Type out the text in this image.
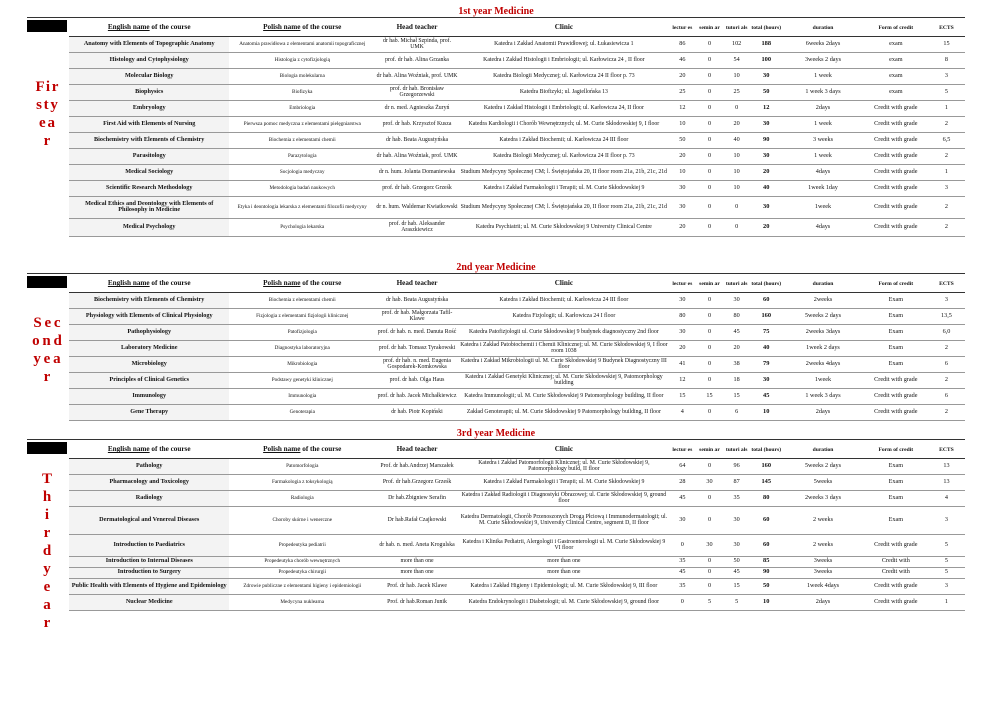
1st year Medicine
F i r s t y e a r
English name of the course	Polish name of the course	Head teacher	Clinic	lectur es	semin ar	tutori als	total (hours)	duration	Form of credit	ECTS
Anatomy with Elements of Topographic Anatomy	Anatomia prawidłowa z elementami anatomii topograficznej	dr hab. Michał Szpinda, prof. UMK	Katedra i Zakład Anatomii Prawidłowej; ul. Łukasiewicza 1	86	0	102	188	6weeks 2days	exam	15
Histology and Cytophysiology	Histologia z cytofizjologią	prof. dr hab. Alina Grzanka	Katedra i Zakład Histologii i Embriologii; ul. Karłowicza 24 , II floor	46	0	54	100	3weeks 2 days	exam	8
Molecular Biology	Biologia molekularna	dr hab. Alina Woźniak, prof. UMK	Katedra Biologii Medycznej; ul. Karłowicza 24 II floor p. 73	20	0	10	30	1 week	exam	3
Biophysics	Biofizyka	prof. dr hab. Bronisław Grzegorzewski	Katedra Biofizyki; ul. Jagiellońska 13	25	0	25	50	1 week 3 days	exam	5
Embryology	Embriologia	dr n. med. Agnieszka Żuryń	Katedra i Zakład Histologii i Embriologii; ul. Karłowicza 24, II floor	12	0	0	12	2days	Credit with grade	1
First Aid with Elements of Nursing	Pierwsza pomoc medyczna z elementami pielęgniarstwa	prof. dr hab. Krzysztof Kusza	Katedra Kardiologii i Chorób Wewnętrznych; ul. M. Curie Skłodowskiej 9, I floor	10	0	20	30	1 week	Credit with grade	2
Biochemistry with Elements of Chemistry	Biochemia z elementami chemii	dr hab. Beata Augustyńska	Katedra i Zakład Biochemii; ul. Karłowicza 24 III floor	50	0	40	90	3 weeks	Credit with grade	6,5
Parasitology	Parazytologia	dr hab. Alina Woźniak, prof. UMK	Katedra Biologii Medycznej; ul. Karłowicza 24 II floor p. 73	20	0	10	30	1 week	Credit with grade	2
Medical Sociology	Socjologia medyczny	dr n. hum. Jolanta Domaniewska	Studium Medycyny Społecznej CM; l. Świętojańska 20, II floor room 21a, 21b, 21c, 21d	10	0	10	20	4days	Credit with grade	1
Scientific Research Methodology	Metodologia badań naukowych	prof. dr hab. Grzegorz Grześk	Katedra i Zakład Farmakologii i Terapii; ul. M. Curie Skłodowskiej 9	30	0	10	40	1week 1day	Credit with grade	3
Medical Ethics and Deontology with Elements of Philosophy in Medicine	Etyka i deontologia lekarska z elementami filozofii medycyny	dr n. hum. Waldemar Kwiatkowski	Studium Medycyny Społecznej CM; l. Świętojańska 20, II floor room 21a, 21b, 21c, 21d	30	0	0	30	1week	Credit with grade	2
Medical Psychology	Psychologia lekarska	prof. dr hab. Aleksander Araszkiewicz	Katedra Psychiatrii; ul. M. Curie Skłodowskiej 9 University Clinical Centre	20	0	0	20	4days	Credit with grade	2
2nd year Medicine
S e c o n d y e a r
English name of the course	Polish name of the course	Head teacher	Clinic	lectur es	semin ar	tutori als	total (hours)	duration	Form of credit	ECTS
Biochemistry with Elements of Chemistry	Biochemia z elementami chemii	dr hab. Beata Augustyńska	Katedra i Zakład Biochemii; ul. Karłowicza 24 III floor	30	0	30	60	2weeks	Exam	3
Physiology with Elements of Clinical Physiology	Fizjologia z elementami fizjologii klinicznej	prof. dr hab. Małgorzata Tafil-Klawe	Katedra Fizjologii; ul. Karłowicza 24 I floor	80	0	80	160	5weeks 2 days	Exam	13,5
Pathophysiology	Patofizjologia	prof. dr hab. n. med. Danuta Rość	Katedra Patofizjologii ul. Curie Skłodowskiej 9 budynek diagnostyczny 2nd floor	30	0	45	75	2weeks 3days	Exam	6,0
Laboratory Medicine	Diagnostyka laboratoryjna	prof. dr hab. Tomasz Tyrakowski	Katedra i Zakład Patobiochemii i Chemii Klinicznej; ul. M. Curie Skłodowskiej 9, I floor room 1038	20	0	20	40	1week 2 days	Exam	2
Microbiology	Mikrobiologia	prof. dr hab. n. med. Eugenia Gospodarek-Komkowska	Katedra i Zakład Mikrobiologii ul. M. Curie Skłodowskiej 9 Budynek Diagnostyczny III floor	41	0	38	79	2weeks 4days	Exam	6
Principles of Clinical Genetics	Podstawy genetyki klinicznej	prof. dr hab. Olga Haus	Katedra i Zakład Genetyki Klinicznej; ul. M. Curie Skłodowskiej 9, Patomorphology building	12	0	18	30	1week	Credit with grade	2
Immunology	Immunologia	prof. dr hab. Jacek Michałkiewicz	Katedra Immunologii; ul. M. Curie Skłodowskiej 9 Patomorphology building, II floor	15	15	15	45	1 week 3 days	Credit with grade	6
Gene Therapy	Genoterapia	dr hab. Piotr Kopiński	Zakład Genoterapii; ul. M. Curie Skłodowskiej 9 Patomorphology building, II floor	4	0	6	10	2days	Credit with grade	2
3rd year Medicine
T h i r d y e a r
English name of the course	Polish name of the course	Head teacher	Clinic	lectur es	semin ar	tutori als	total (hours)	duration	Form of credit	ECTS
Pathology	Patomorfologia	Prof. dr hab.Andrzej Marszałek	Katedra i Zakład Patomorfologii Klinicznej; ul. M. Curie Skłodowskiej 9, Patomorphology build, II floor	64	0	96	160	5weeks 2 days	Exam	13
Pharmacology and Toxicology	Farmakologia z toksykologią	Prof. dr hab.Grzegorz Grześk	Katedra i Zakład Farmakologii i Terapii; ul. M. Curie Skłodowskiej 9	28	30	87	145	5weeks	Exam	13
Radiology	Radiologia	Dr hab.Zbigniew Serafin	Katedra i Zakład Radiologii i Diagnostyki Obrazowej; ul. Curie Skłodowskiej 9, ground floor	45	0	35	80	2weeks 3 days	Exam	4
Dermatological and Venereal Diseases	Choroby skórne i wenerczne	Dr hab.Rafał Czajkowski	Katedra Dermatologii, Chorób Przenoszonych Drogą Płciową i Immunodermatologii; ul. M. Curie Skłodowskiej 9, University Clinical Centre, segment D, II floor	30	0	30	60	2 weeks	Exam	3
Introduction to Paediatrics	Propedeutyka pediatrii	dr hab. n. med. Aneta Krogulska	Katedra i Klinika Pediatrii, Alergologii i Gastroenterologii ul. M. Curie Skłodowskiej 9 VI floor	0	30	30	60	2 weeks	Credit with grade	5
Introduction to Internal Diseases	Propedeutyka chorób wewnętrznych	more than one	more than one	35	0	50	85	3weeks	Credit with	5
Introduction to Surgery	Propedeutyka chirurgii	more than one	more than one	45	0	45	90	3weeks	Credit with	5
Public Health with Elements of Hygiene and Epidemiology	Zdrowie publiczne z elementami higieny i epidemiologii	Prof. dr hab. Jacek Klawe	Katedra i Zakład Higieny i Epidemiologii; ul. M. Curie Skłodowskiej 9, III floor	35	0	15	50	1week 4days	Credit with grade	3
Nuclear Medicine	Medycyna nuklearna	Prof. dr hab.Roman Junik	Katedra Endokrynologii i Diabetologii; ul. M. Curie Skłodowskiej 9, ground floor	0	5	5	10	2days	Credit with grade	1
